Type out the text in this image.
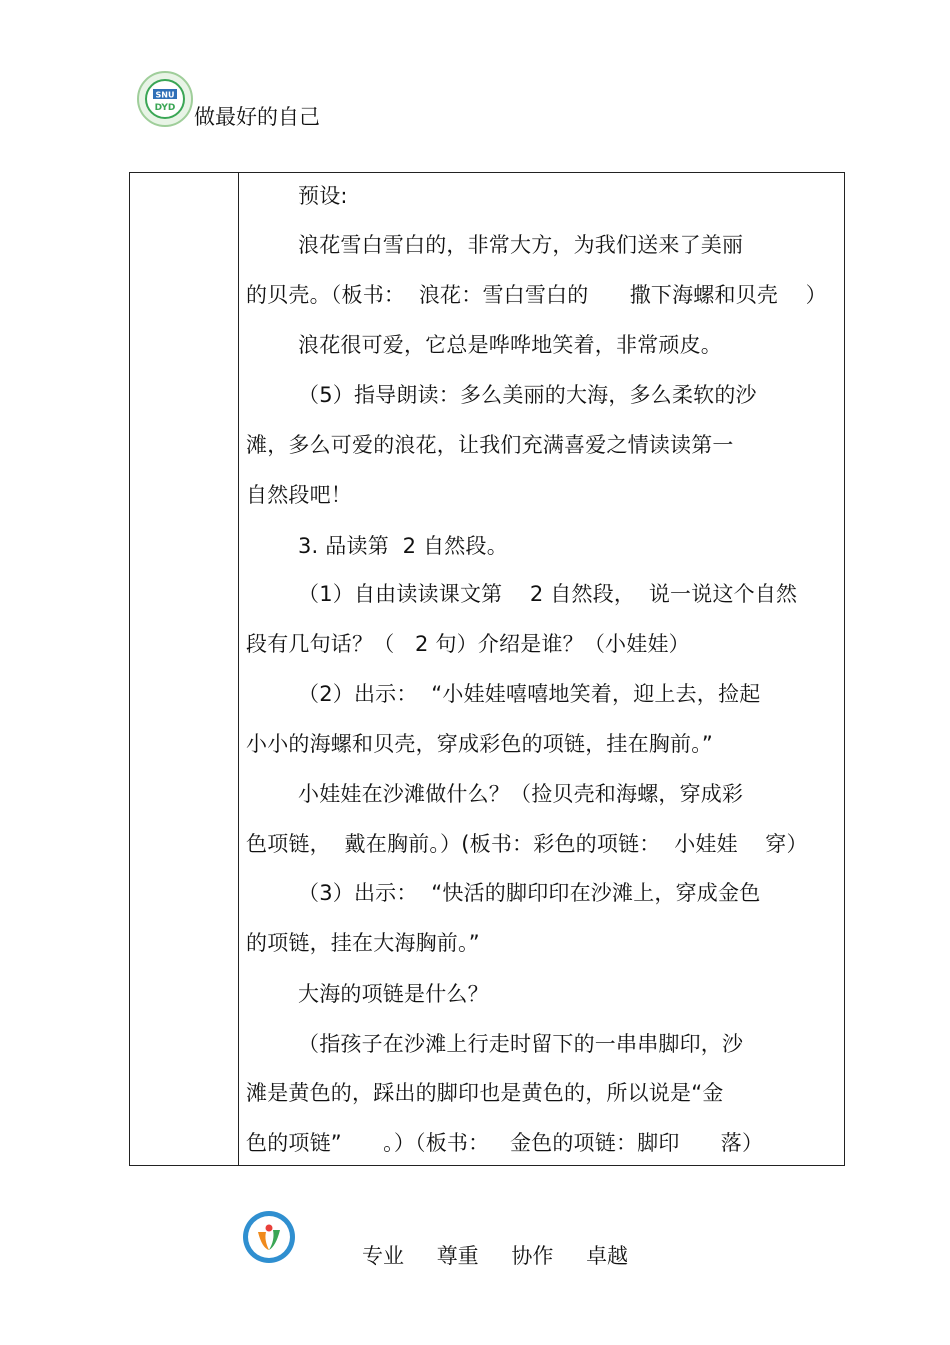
SNU
DYD 做最好的自己
预设:
浪花雪白雪白的，非常大方，为我们送来了美丽
的贝壳。（板书：  浪花：雪白雪白的      撒下海螺和贝壳    ）
浪花很可爱，它总是哗哗地笑着，非常顽皮。
（5）指导朗读：多么美丽的大海，多么柔软的沙
滩，多么可爱的浪花，让我们充满喜爱之情读读第一
自然段吧！
3. 品读第  2 自然段。
（1）自由读读课文第    2 自然段，  说一说这个自然
段有几句话？（   2 句）介绍是谁？（小娃娃）
（2）出示：  “小娃娃嘻嘻地笑着，迎上去，捡起
小小的海螺和贝壳，穿成彩色的项链，挂在胸前。”
小娃娃在沙滩做什么？（捡贝壳和海螺，穿成彩
色项链，  戴在胸前。）(板书：彩色的项链：  小娃娃    穿）
（3）出示：  “快活的脚印印在沙滩上，穿成金色
的项链，挂在大海胸前。”
大海的项链是什么？
（指孩子在沙滩上行走时留下的一串串脚印，沙
滩是黄色的，踩出的脚印也是黄色的，所以说是“金
色的项链”      。）（板书：   金色的项链：脚印      落）
专业 尊重 协作 卓越
